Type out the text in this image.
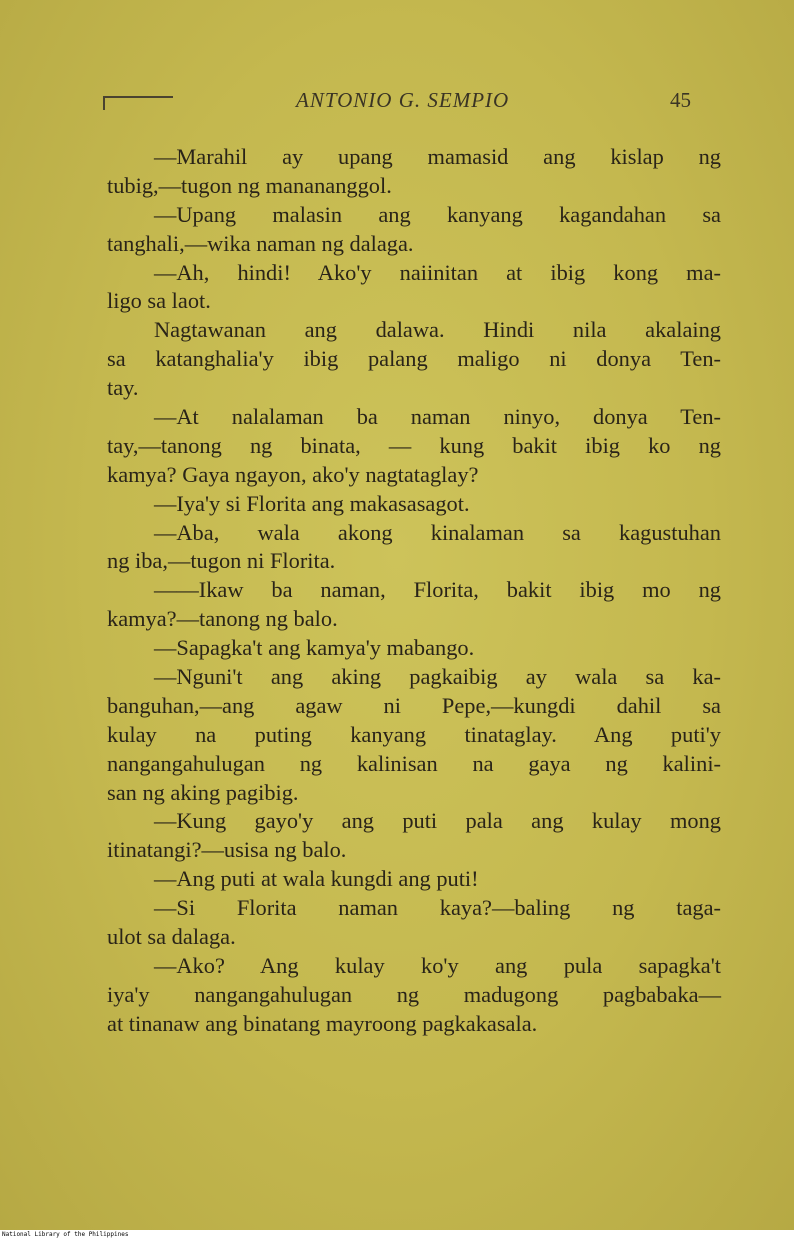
ANTONIO G. SEMPIO	45
—Marahil ay upang mamasid ang kislap ng
tubig,—tugon ng manananggol.
—Upang malasin ang kanyang kagandahan sa
tanghali,—wika naman ng dalaga.
—Ah, hindi! Ako'y naiinitan at ibig kong ma-
ligo sa laot.
Nagtawanan ang dalawa. Hindi nila akalaing
sa katanghalia'y ibig palang maligo ni donya Ten-
tay.
—At nalalaman ba naman ninyo, donya Ten-
tay,—tanong ng binata, — kung bakit ibig ko ng
kamya? Gaya ngayon, ako'y nagtataglay?
—Iya'y si Florita ang makasasagot.
—Aba, wala akong kinalaman sa kagustuhan
ng iba,—tugon ni Florita.
——Ikaw ba naman, Florita, bakit ibig mo ng
kamya?—tanong ng balo.
—Sapagka't ang kamya'y mabango.
—Nguni't ang aking pagkaibig ay wala sa ka-
banguhan,—ang agaw ni Pepe,—kungdi dahil sa
kulay na puting kanyang tinataglay. Ang puti'y
nangangahulugan ng kalinisan na gaya ng kalini-
san ng aking pagibig.
—Kung gayo'y ang puti pala ang kulay mong
itinatangi?—usisa ng balo.
—Ang puti at wala kungdi ang puti!
—Si Florita naman kaya?—baling ng taga-
ulot sa dalaga.
—Ako? Ang kulay ko'y ang pula sapagka't
iya'y nangangahulugan ng madugong pagbabaka—
at tinanaw ang binatang mayroong pagkakasala.
National Library of the Philippines
